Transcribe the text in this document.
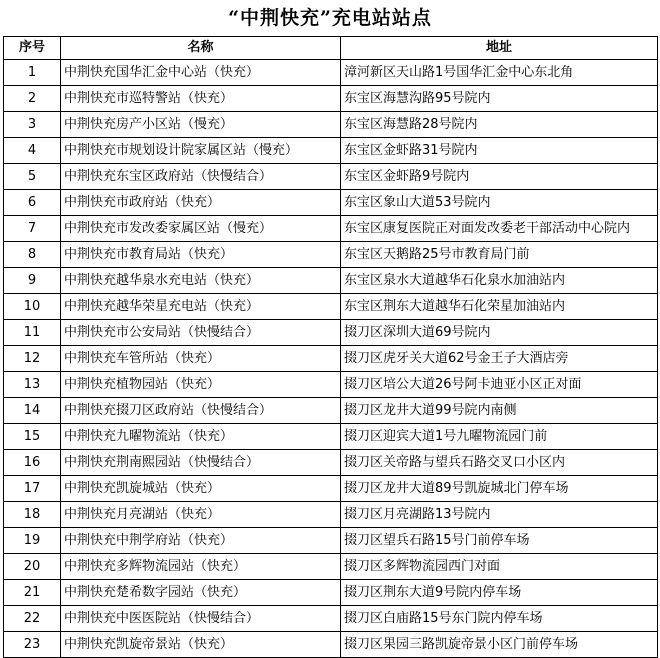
“中荆快充”充电站站点
序号	名称	地址
1	中荆快充国华汇金中心站（快充）	漳河新区天山路1号国华汇金中心东北角
2	中荆快充市巡特警站（快充）	东宝区海慧沟路95号院内
3	中荆快充房产小区站（慢充）	东宝区海慧路28号院内
4	中荆快充市规划设计院家属区站（慢充）	东宝区金虾路31号院内
5	中荆快充东宝区政府站（快慢结合）	东宝区金虾路9号院内
6	中荆快充市政府站（快充）	东宝区象山大道53号院内
7	中荆快充市发改委家属区站（慢充）	东宝区康复医院正对面发改委老干部活动中心院内
8	中荆快充市教育局站（快充）	东宝区天鹅路25号市教育局门前
9	中荆快充越华泉水充电站（快充）	东宝区泉水大道越华石化泉水加油站内
10	中荆快充越华荣星充电站（快充）	东宝区荆东大道越华石化荣星加油站内
11	中荆快充市公安局站（快慢结合）	掇刀区深圳大道69号院内
12	中荆快充车管所站（快充）	掇刀区虎牙关大道62号金王子大酒店旁
13	中荆快充植物园站（快充）	掇刀区培公大道26号阿卡迪亚小区正对面
14	中荆快充掇刀区政府站（快慢结合）	掇刀区龙井大道99号院内南侧
15	中荆快充九曜物流站（快充）	掇刀区迎宾大道1号九曜物流园门前
16	中荆快充荆南熙园站（快慢结合）	掇刀区关帝路与望兵石路交叉口小区内
17	中荆快充凯旋城站（快充）	掇刀区龙井大道89号凯旋城北门停车场
18	中荆快充月亮湖站（快充）	掇刀区月亮湖路13号院内
19	中荆快充中荆学府站（快充）	掇刀区望兵石路15号门前停车场
20	中荆快充多辉物流园站（快充）	掇刀区多辉物流园西门对面
21	中荆快充楚希数字园站（快充）	掇刀区荆东大道9号院内停车场
22	中荆快充中医医院站（快慢结合）	掇刀区白庙路15号东门院内停车场
23	中荆快充凯旋帝景站（快充）	掇刀区果园三路凯旋帝景小区门前停车场
